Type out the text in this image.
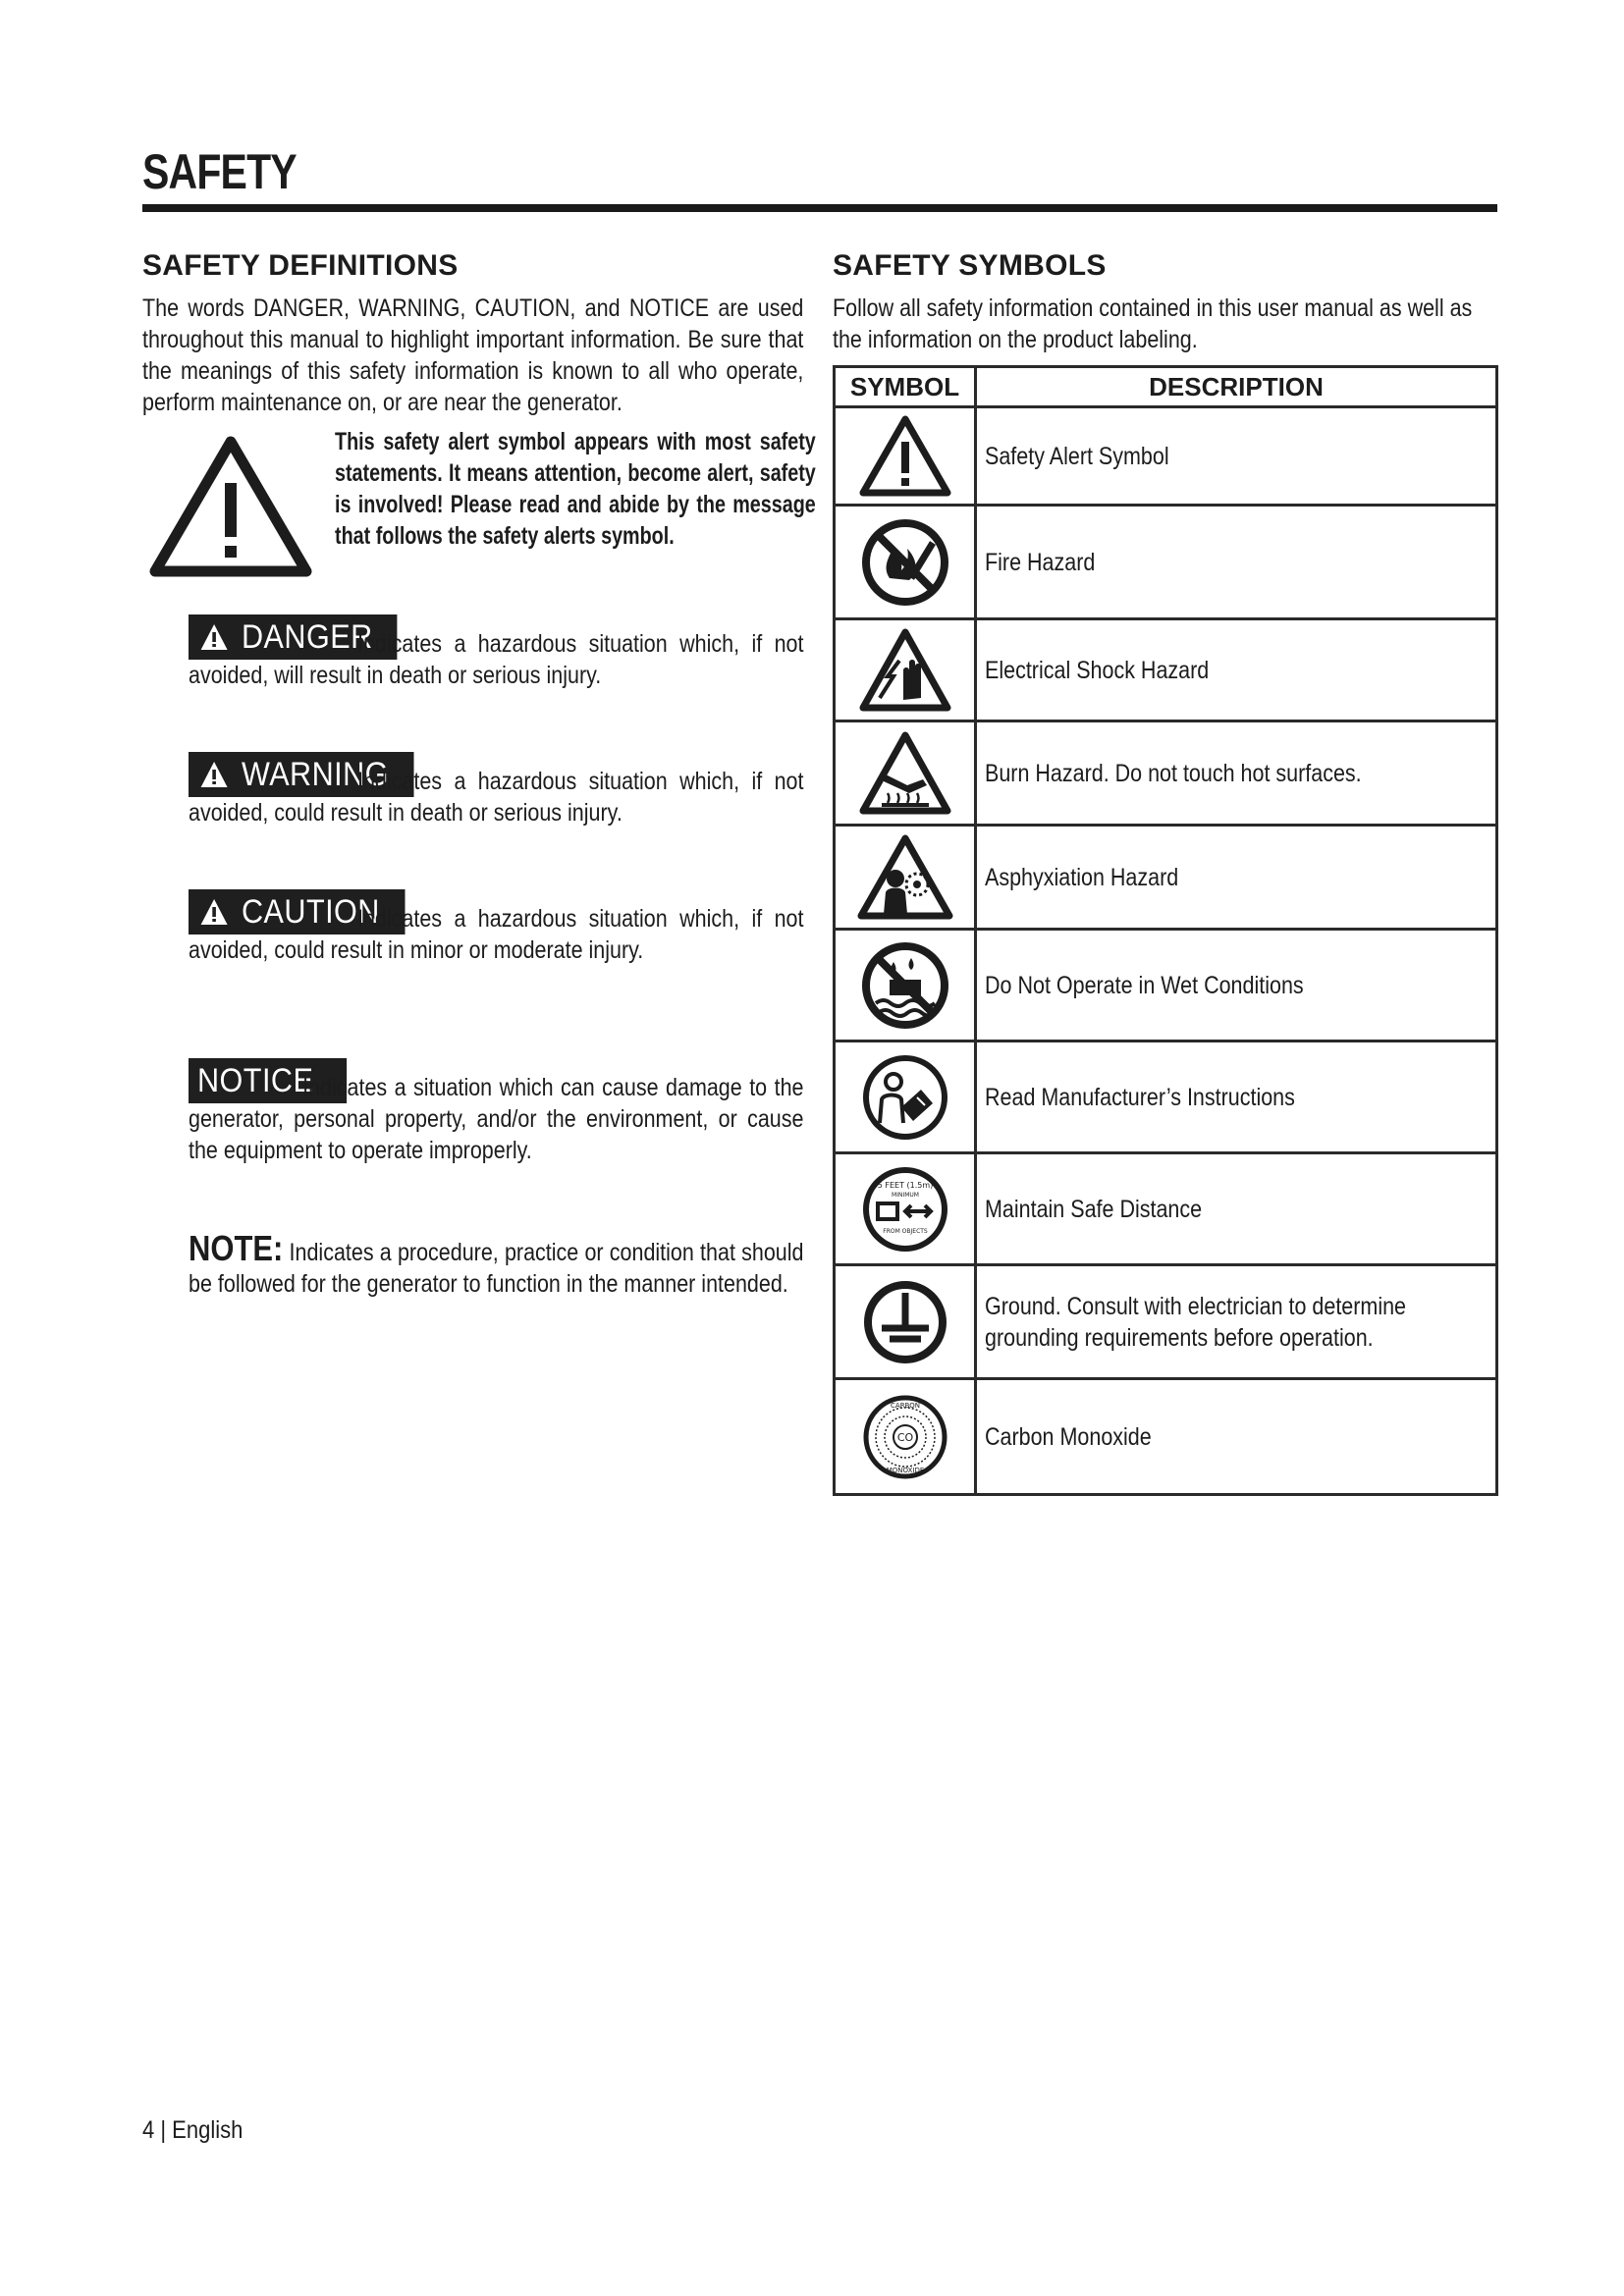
SAFETY
SAFETY DEFINITIONS
The words DANGER, WARNING, CAUTION, and NOTICE are used throughout this manual to highlight important information. Be sure that the meanings of this safety information is known to all who operate, perform maintenance on, or are near the generator.
This safety alert symbol appears with most safety statements. It means attention, become alert, safety is involved! Please read and abide by the message that follows the safety alerts symbol.
DANGER
Indicates a hazardous situation which, if not avoided, will result in death or serious injury.
WARNING
Indicates a hazardous situation which, if not avoided, could result in death or serious injury.
CAUTION
Indicates a hazardous situation which, if not avoided, could result in minor or moderate injury.
NOTICE
Indicates a situation which can cause damage to the generator, personal property, and/or the environment, or cause the equipment to operate improperly.
NOTE: Indicates a procedure, practice or condition that should be followed for the generator to function in the manner intended.
SAFETY SYMBOLS
Follow all safety information contained in this user manual as well as the information on the product labeling.
SYMBOL	DESCRIPTION

Safety Alert Symbol

Fire Hazard

Electrical Shock Hazard

Burn Hazard. Do not touch hot surfaces.

Asphyxiation Hazard

Do Not Operate in Wet Conditions

Read Manufacturer’s Instructions

5 FEET (1.5m)
MINIMUM
FROM OBJECTS	Maintain Safe Distance

Ground. Consult with electrician to determine grounding requirements before operation.

CO
CARBON
MONOXIDE	Carbon Monoxide
4 | English
